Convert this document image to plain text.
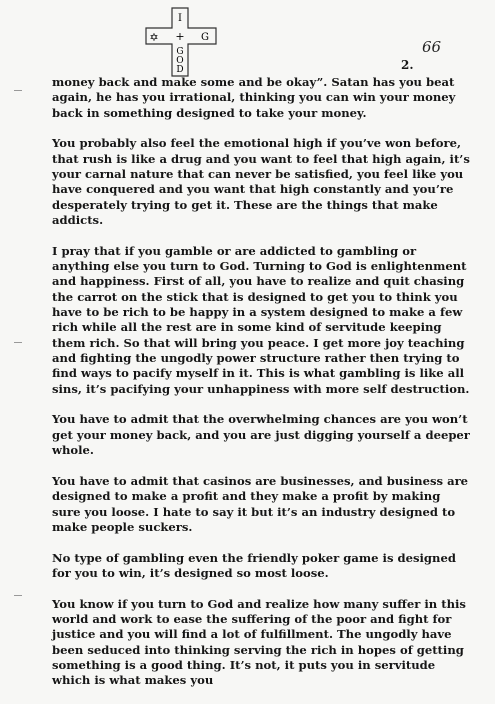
I
✡ + G
G
O
D
66
2.

money back and make some and be okay”. Satan has you beat again, he has you irrational, thinking you can win your money back in something designed to take your money.

You probably also feel the emotional high if you’ve won before, that rush is like a drug and you want to feel that high again, it’s your carnal nature that can never be satisfied, you feel like you have conquered and you want that high constantly and you’re desperately trying to get it. These are the things that make addicts.

I pray that if you gamble or are addicted to gambling or anything else you turn to God. Turning to God is enlightenment and happiness. First of all, you have to realize and quit chasing the carrot on the stick that is designed to get you to think you have to be rich to be happy in a system designed to make a few rich while all the rest are in some kind of servitude keeping them rich. So that will bring you peace. I get more joy teaching and fighting the ungodly power structure rather then trying to find ways to pacify myself in it. This is what gambling is like all sins, it’s pacifying your unhappiness with more self destruction.

You have to admit that the overwhelming chances are you won’t get your money back, and you are just digging yourself a deeper whole.

You have to admit that casinos are businesses, and business are designed to make a profit and they make a profit by making sure you loose. I hate to say it but it’s an industry designed to make people suckers.

No type of gambling even the friendly poker game is designed for you to win, it’s designed so most loose.

You know if you turn to God and realize how many suffer in this world and work to ease the suffering of the poor and fight for justice and you will find a lot of fulfillment. The ungodly have been seduced into thinking serving the rich in hopes of getting something is a good thing. It’s not, it puts you in servitude which is what makes you
